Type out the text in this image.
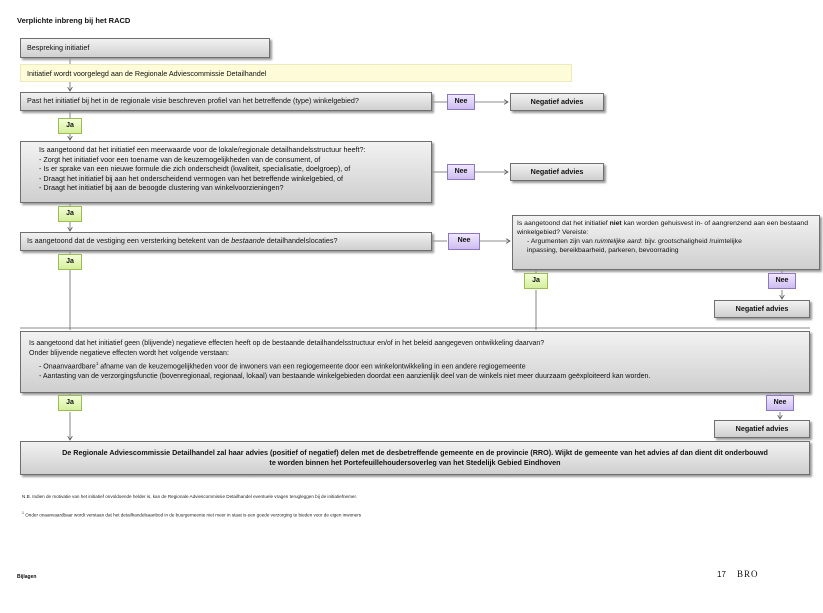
Verplichte inbreng bij het RACD
Bespreking initiatief
Initiatief wordt voorgelegd aan de Regionale Adviescommissie Detailhandel
Past het initiatief bij het in de regionale visie beschreven profiel van het betreffende (type) winkelgebied?	Nee	Negatief advies
Ja
Is aangetoond dat het initiatief een meerwaarde voor de lokale/regionale detailhandelsstructuur heeft?:
- Zorgt het initiatief voor een toename van de keuzemogelijkheden van de consument, of
- Is er sprake van een nieuwe formule die zich onderscheidt (kwaliteit, specialisatie, doelgroep), of
- Draagt het initiatief bij aan het onderscheidend vermogen van het betreffende winkelgebied, of
- Draagt het initiatief bij aan de beoogde clustering van winkelvoorzieningen?
Nee	Negatief advies
Ja
Is aangetoond dat de vestiging een versterking betekent van de bestaande detailhandelslocaties?	Nee
Ja
Is aangetoond dat het initiatief niet kan worden gehuisvest in- of aangrenzend aan een bestaand winkelgebied? Vereiste:
- Argumenten zijn van ruimtelijke aard: bijv. grootschaligheid /ruimtelijke inpassing, bereikbaarheid, parkeren, bevoorrading
Ja	Nee
Negatief advies
Is aangetoond dat het initiatief geen (blijvende) negatieve effecten heeft op de bestaande detailhandelsstructuur en/of in het beleid aangegeven ontwikkeling daarvan?
Onder blijvende negatieve effecten wordt het volgende verstaan:
- Onaanvaardbare$^1$ afname van de keuzemogelijkheden voor de inwoners van een regiogemeente door een winkelontwikkeling in een andere regiogemeente
- Aantasting van de verzorgingsfunctie (bovenregionaal, regionaal, lokaal) van bestaande winkelgebieden doordat een aanzienlijk deel van de winkels niet meer duurzaam geëxploiteerd kan worden.
Ja	Nee
Negatief advies
De Regionale Adviescommissie Detailhandel zal haar advies (positief of negatief) delen met de desbetreffende gemeente en de provincie (RRO). Wijkt de gemeente van het advies af dan dient dit onderbouwd te worden binnen het Portefeuillehoudersoverleg van het Stedelijk Gebied Eindhoven
N.B. Indien de motivatie van het initiatief onvoldoende helder is, kan de Regionale Adviescommissie Detailhandel eventuele vragen terugleggen bij de initiatiefnemer.
$^1$ Onder onaanvaardbaar wordt verstaan dat het detailhandelsaanbod in de buurgemeente niet meer in staat is een goede verzorging te bieden voor de eigen inwoners
Bijlagen	17 BRO
